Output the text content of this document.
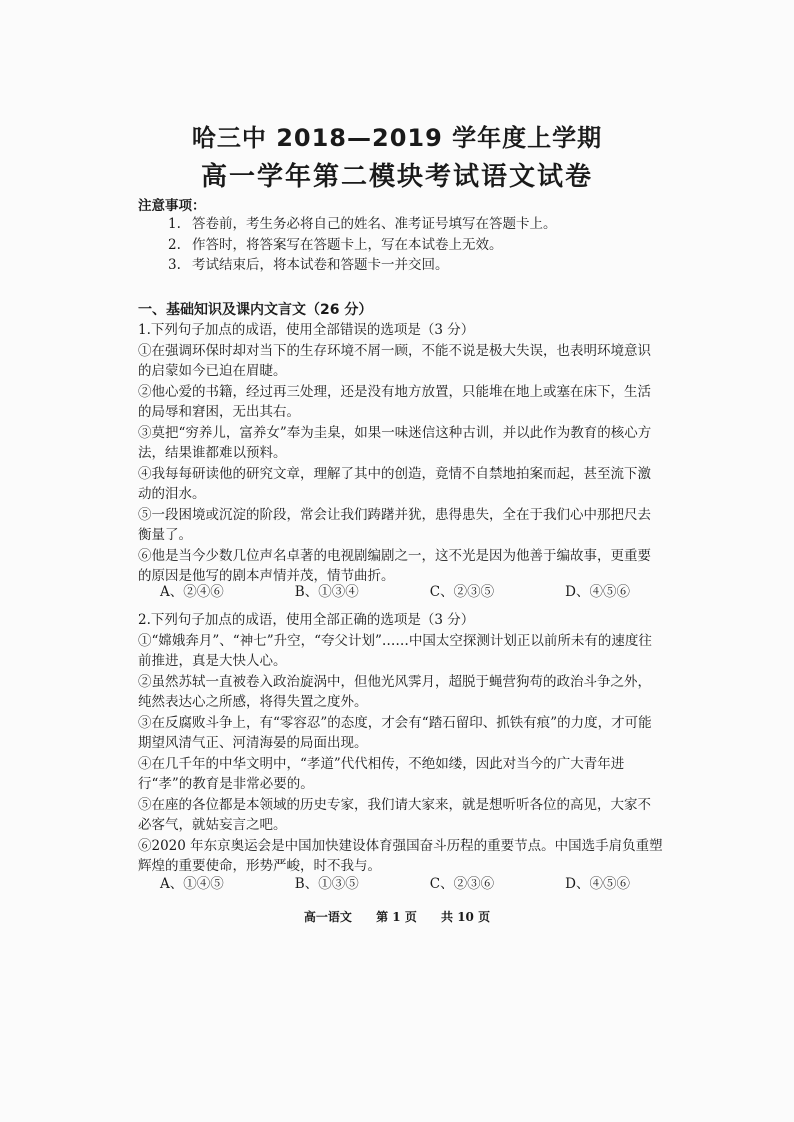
哈三中 2018—2019 学年度上学期
高一学年第二模块考试语文试卷
注意事项：
1. 答卷前，考生务必将自己的姓名、准考证号填写在答题卡上。
2. 作答时，将答案写在答题卡上，写在本试卷上无效。
3. 考试结束后，将本试卷和答题卡一并交回。
一、基础知识及课内文言文（26 分）

1.下列句子加点的成语，使用全部错误的选项是（3 分）

①在强调环保时却对当下的生存环境不屑一顾，不能不说是极大失误，也表明环境意识的启蒙如今已迫在眉睫。

②他心爱的书籍，经过再三处理，还是没有地方放置，只能堆在地上或塞在床下，生活的局辱和窘困，无出其右。

③莫把“穷养儿，富养女”奉为圭臬，如果一味迷信这种古训，并以此作为教育的核心方法，结果谁都难以预料。

④我每每研读他的研究文章，理解了其中的创造，竟情不自禁地拍案而起，甚至流下激动的泪水。

⑤一段困境或沉淀的阶段，常会让我们踌躇并犹，患得患失，全在于我们心中那把尺去衡量了。

⑥他是当今少数几位声名卓著的电视剧编剧之一，这不光是因为他善于编故事，更重要的原因是他写的剧本声情并茂，情节曲折。

A、②④⑥	B、①③④	C、②③⑤	D、④⑤⑥

2.下列句子加点的成语，使用全部正确的选项是（3 分）

①“嫦娥奔月”、“神七”升空，“夸父计划”……中国太空探测计划正以前所未有的速度往前推进，真是大快人心。

②虽然苏轼一直被卷入政治旋涡中，但他光风霁月，超脱于蝇营狗苟的政治斗争之外，纯然表达心之所感，将得失置之度外。

③在反腐败斗争上，有“零容忍”的态度，才会有“踏石留印、抓铁有痕”的力度，才可能期望风清气正、河清海晏的局面出现。

④在几千年的中华文明中，“孝道”代代相传，不绝如缕，因此对当今的广大青年进行“孝”的教育是非常必要的。

⑤在座的各位都是本领域的历史专家，我们请大家来，就是想听听各位的高见，大家不必客气，就姑妄言之吧。

⑥2020 年东京奥运会是中国加快建设体育强国奋斗历程的重要节点。中国选手肩负重塑辉煌的重要使命，形势严峻，时不我与。

A、①④⑤	B、①③⑤	C、②③⑥	D、④⑤⑥
高一语文 第 1 页 共 10 页
